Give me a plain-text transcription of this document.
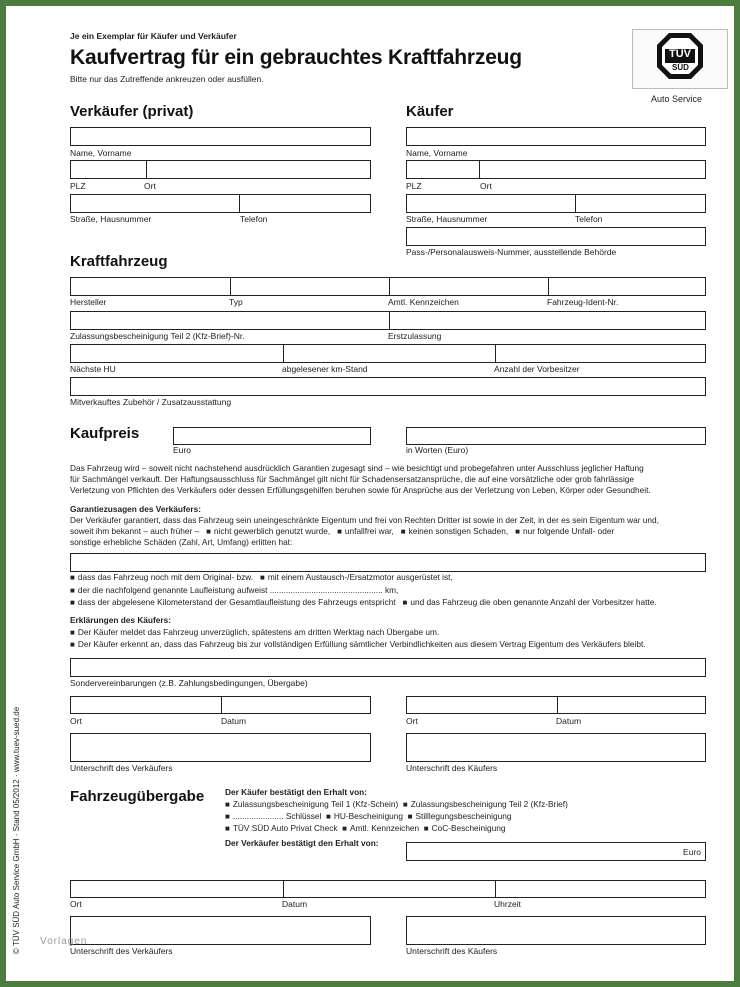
Je ein Exemplar für Käufer und Verkäufer
Kaufvertrag für ein gebrauchtes Kraftfahrzeug
Bitte nur das Zutreffende ankreuzen oder ausfüllen.
TÜV
SÜD
Auto Service
Verkäufer (privat)
Name, Vorname
PLZ	Ort
Straße, Hausnummer	Telefon
Käufer
Name, Vorname
PLZ	Ort
Straße, Hausnummer	Telefon
Pass-/Personalausweis-Nummer, ausstellende Behörde
Kraftfahrzeug
Hersteller	Typ	Amtl. Kennzeichen	Fahrzeug-Ident-Nr.
Zulassungsbescheinigung Teil 2 (Kfz-Brief)-Nr.	Erstzulassung
Nächste HU	abgelesener km-Stand	Anzahl der Vorbesitzer
Mitverkauftes Zubehör / Zusatzausstattung
Kaufpreis
Euro	in Worten (Euro)
Das Fahrzeug wird – soweit nicht nachstehend ausdrücklich Garantien zugesagt sind – wie besichtigt und probegefahren unter Ausschluss jeglicher Haftung
für Sachmängel verkauft. Der Haftungsausschluss für Sachmängel gilt nicht für Schadensersatzansprüche, die auf eine vorsätzliche oder grob fahrlässige
Verletzung von Pflichten des Verkäufers oder dessen Erfüllungsgehilfen beruhen sowie für Ansprüche aus der Verletzung von Leben, Körper oder Gesundheit.
Garantiezusagen des Verkäufers:
Der Verkäufer garantiert, dass das Fahrzeug sein uneingeschränkte Eigentum und frei von Rechten Dritter ist sowie in der Zeit, in der es sein Eigentum war und,
soweit ihm bekannt – auch früher – ■ nicht gewerblich genutzt wurde, ■ unfallfrei war, ■ keinen sonstigen Schaden, ■ nur folgende Unfall- oder
sonstige erhebliche Schäden (Zahl, Art, Umfang) erlitten hat:
■ dass das Fahrzeug noch mit dem Original- bzw. ■ mit einem Austausch-/Ersatzmotor ausgerüstet ist,
■ der die nachfolgend genannte Laufleistung aufweist ................................................. km,
■ dass der abgelesene Kilometerstand der Gesamtlaufleistung des Fahrzeugs entspricht ■ und das Fahrzeug die oben genannte Anzahl der Vorbesitzer hatte.
Erklärungen des Käufers:
■ Der Käufer meldet das Fahrzeug unverzüglich, spätestens am dritten Werktag nach Übergabe um.
■ Der Käufer erkennt an, dass das Fahrzeug bis zur vollständigen Erfüllung sämtlicher Verbindlichkeiten aus diesem Vertrag Eigentum des Verkäufers bleibt.
Sondervereinbarungen (z.B. Zahlungsbedingungen, Übergabe)
Ort	Datum	Ort	Datum
Unterschrift des Verkäufers	Unterschrift des Käufers
Fahrzeugübergabe	Der Käufer bestätigt den Erhalt von:
■ Zulassungsbescheinigung Teil 1 (Kfz-Schein) ■ Zulassungsbescheinigung Teil 2 (Kfz-Brief)
■ ...................... Schlüssel ■ HU-Bescheinigung ■ Stilllegungsbescheinigung
■ TÜV SÜD Auto Privat Check ■ Amtl. Kennzeichen ■ CoC-Bescheinigung
Der Verkäufer bestätigt den Erhalt von:
Euro
Ort	Datum	Uhrzeit
Unterschrift des Verkäufers	Unterschrift des Käufers
© TÜV SÜD Auto Service GmbH · Stand 05/2012 · www.tuev-sued.de Vorlagen
